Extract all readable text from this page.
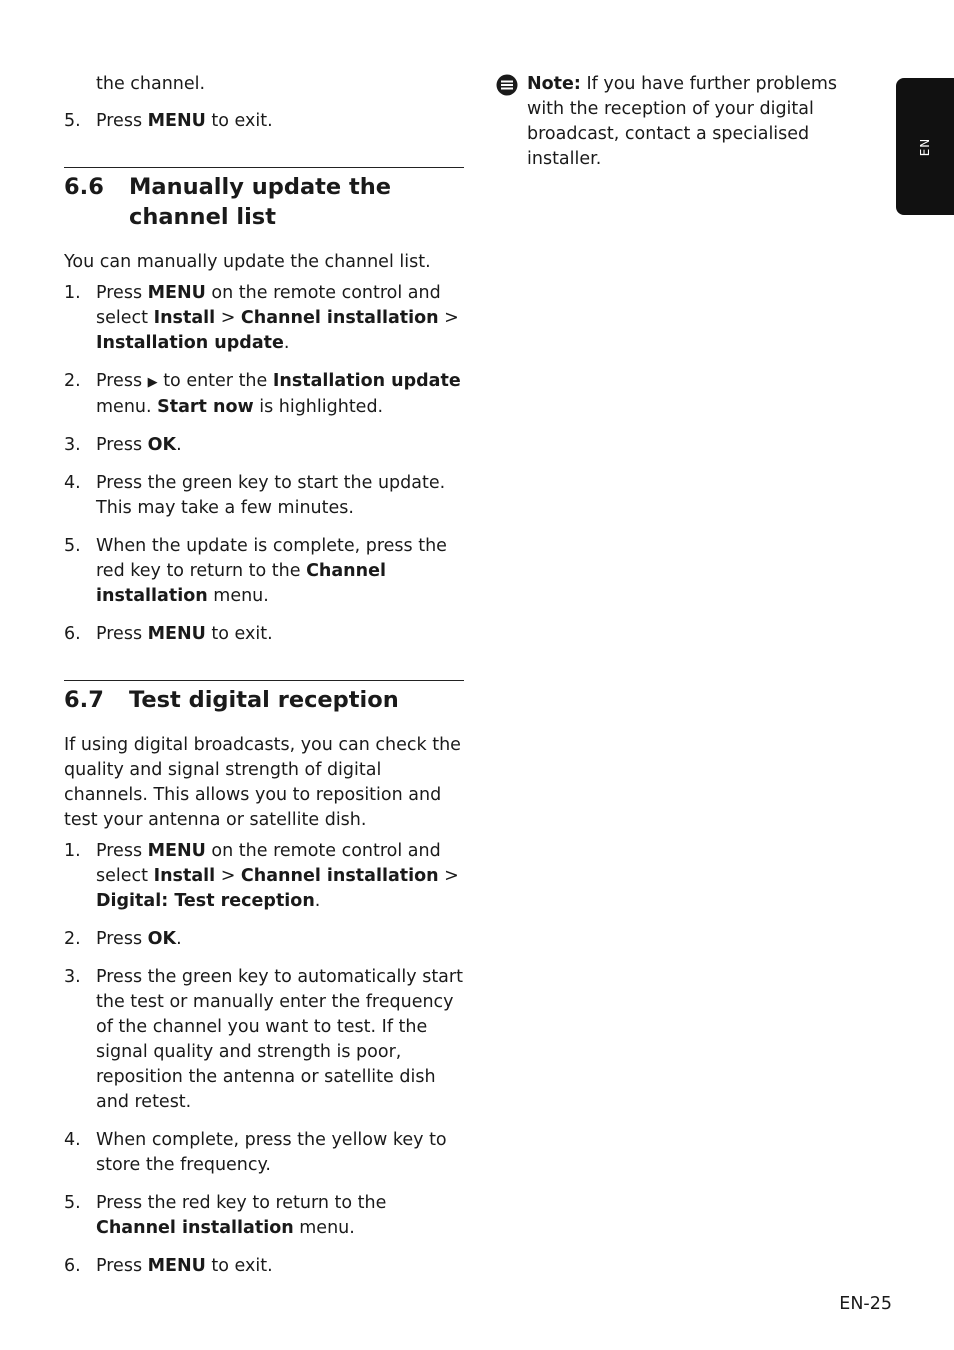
the channel.
5. Press MENU to exit.
6.6	Manually update the channel list
You can manually update the channel list.
1. Press MENU on the remote control and select Install > Channel installation > Installation update.
2. Press ▶ to enter the Installation update menu. Start now is highlighted.
3. Press OK.
4. Press the green key to start the update. This may take a few minutes.
5. When the update is complete, press the red key to return to the Channel installation menu.
6. Press MENU to exit.
6.7	Test digital reception
If using digital broadcasts, you can check the quality and signal strength of digital channels. This allows you to reposition and test your antenna or satellite dish.
1. Press MENU on the remote control and select Install > Channel installation > Digital: Test reception.
2. Press OK.
3. Press the green key to automatically start the test or manually enter the frequency of the channel you want to test. If the signal quality and strength is poor, reposition the antenna or satellite dish and retest.
4. When complete, press the yellow key to store the frequency.
5. Press the red key to return to the Channel installation menu.
6. Press MENU to exit.
Note: If you have further problems with the reception of your digital broadcast, contact a specialised installer.
EN
EN-25
